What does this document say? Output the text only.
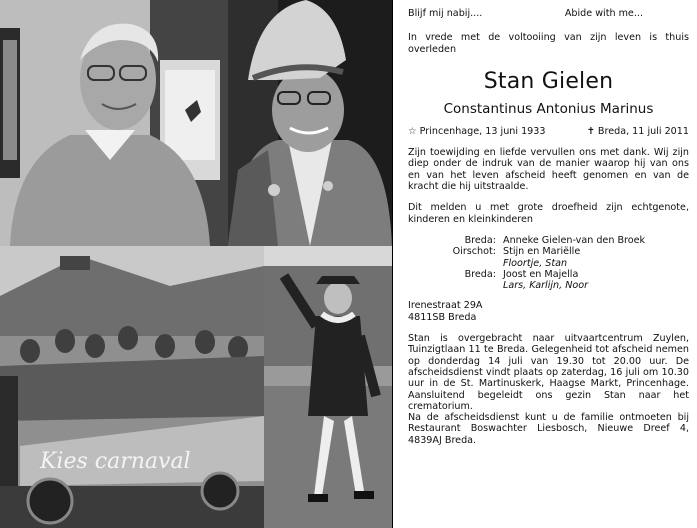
Kies carnaval
Blijf mij nabij....	Abide with me...
In vrede met de voltooiing van zijn leven is thuis overleden
Stan Gielen
Constantinus Antonius Marinus
☆ Princenhage, 13 juni 1933	✝ Breda, 11 juli 2011
Zijn toewijding en liefde vervullen ons met dank. Wij zijn diep onder de indruk van de manier waarop hij van ons en van het leven afscheid heeft genomen en van de kracht die hij uitstraalde.
Dit melden u met grote droefheid zijn echtgenote, kinderen en kleinkinderen
Breda: Anneke Gielen-van den Broek
Oirschot: Stijn en Mariëlle
Floortje, Stan
Breda: Joost en Majella
Lars, Karlijn, Noor
Irenestraat 29A
4811SB Breda
Stan is overgebracht naar uitvaartcentrum Zuylen, Tuinzigtlaan 11 te Breda. Gelegenheid tot afscheid nemen op donderdag 14 juli van 19.30 tot 20.00 uur. De afscheidsdienst vindt plaats op zaterdag, 16 juli om 10.30 uur in de St. Martinuskerk, Haagse Markt, Princenhage. Aansluitend begeleidt ons gezin Stan naar het crematorium.
Na de afscheidsdienst kunt u de familie ontmoeten bij Restaurant Boswachter Liesbosch, Nieuwe Dreef 4, 4839AJ Breda.
